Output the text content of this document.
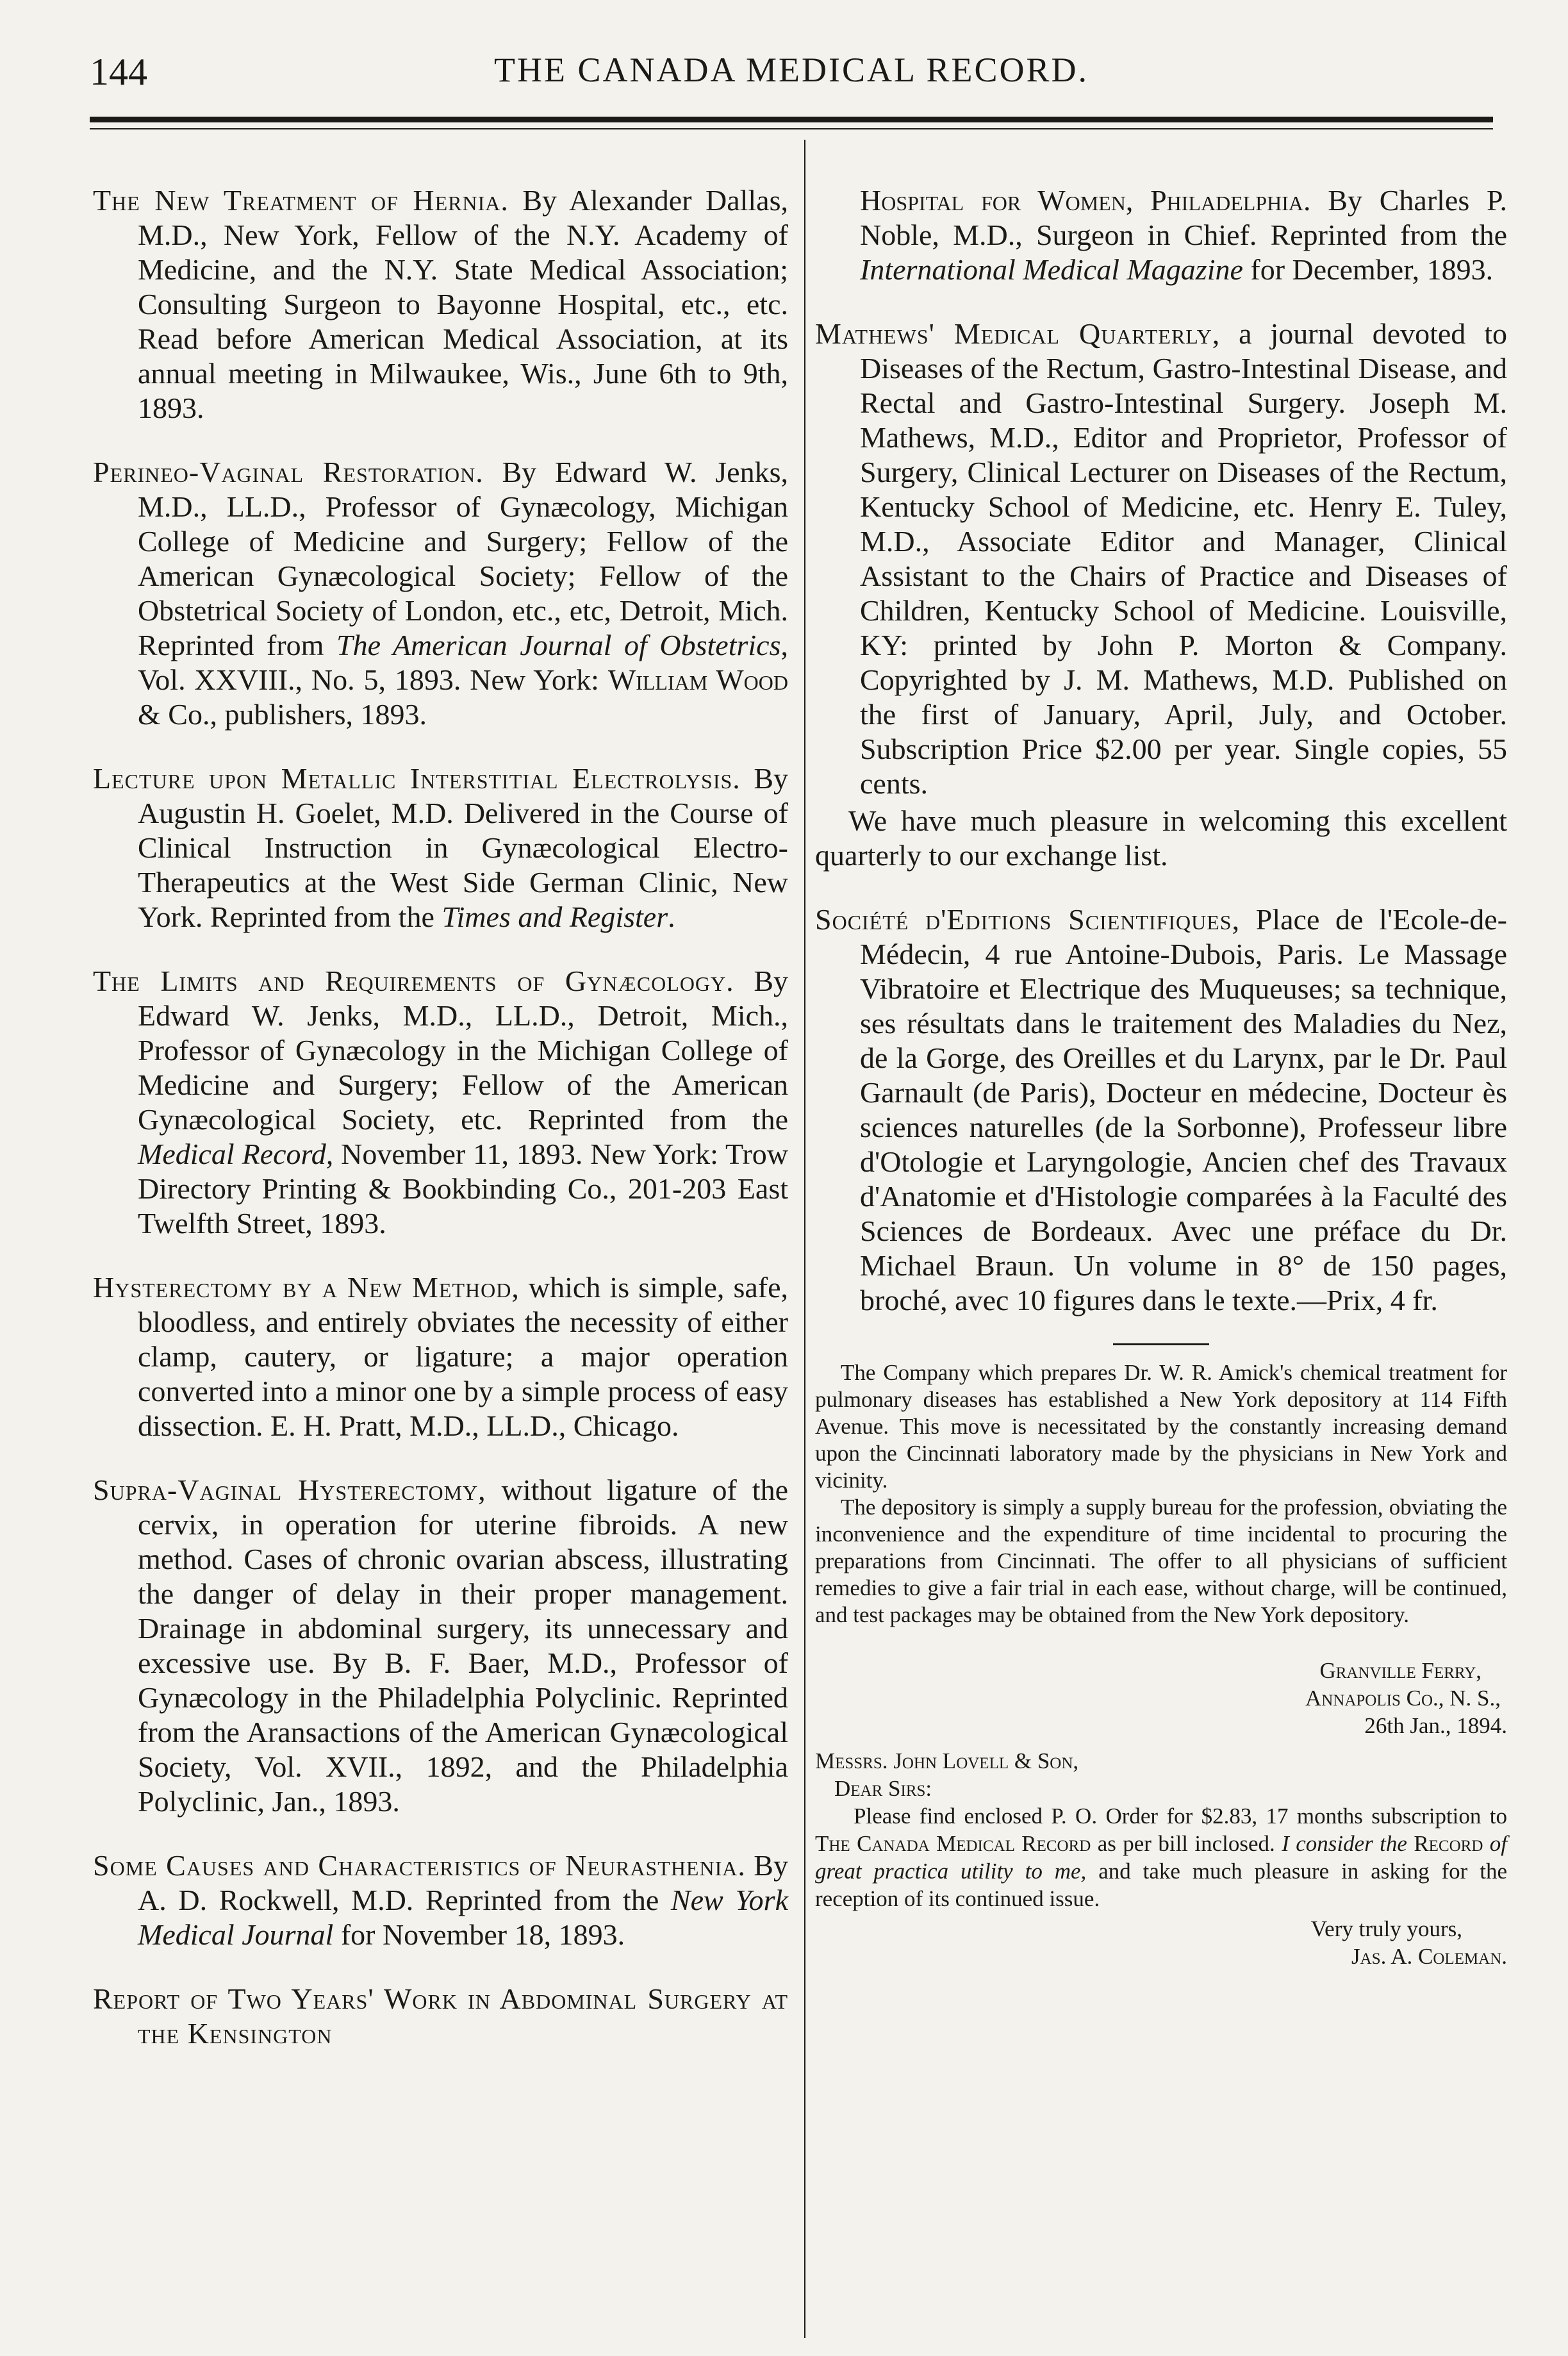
144	THE CANADA MEDICAL RECORD.

The New Treatment of Hernia. By Alexander Dallas, M.D., New York, Fellow of the N.Y. Academy of Medicine, and the N.Y. State Medical Association; Consulting Surgeon to Bayonne Hospital, etc., etc. Read before American Medical Association, at its annual meeting in Milwaukee, Wis., June 6th to 9th, 1893.

Perineo-Vaginal Restoration. By Edward W. Jenks, M.D., LL.D., Professor of Gynæcology, Michigan College of Medicine and Surgery; Fellow of the American Gynæcological Society; Fellow of the Obstetrical Society of London, etc., etc, Detroit, Mich. Reprinted from The American Journal of Obstetrics, Vol. XXVIII., No. 5, 1893. New York: William Wood & Co., publishers, 1893.

Lecture upon Metallic Interstitial Electrolysis. By Augustin H. Goelet, M.D. Delivered in the Course of Clinical Instruction in Gynæcological Electro-Therapeutics at the West Side German Clinic, New York. Reprinted from the Times and Register.

The Limits and Requirements of Gynæcology. By Edward W. Jenks, M.D., LL.D., Detroit, Mich., Professor of Gynæcology in the Michigan College of Medicine and Surgery; Fellow of the American Gynæcological Society, etc. Reprinted from the Medical Record, November 11, 1893. New York: Trow Directory Printing & Bookbinding Co., 201-203 East Twelfth Street, 1893.

Hysterectomy by a New Method, which is simple, safe, bloodless, and entirely obviates the necessity of either clamp, cautery, or ligature; a major operation converted into a minor one by a simple process of easy dissection. E. H. Pratt, M.D., LL.D., Chicago.

Supra-Vaginal Hysterectomy, without ligature of the cervix, in operation for uterine fibroids. A new method. Cases of chronic ovarian abscess, illustrating the danger of delay in their proper management. Drainage in abdominal surgery, its unnecessary and excessive use. By B. F. Baer, M.D., Professor of Gynæcology in the Philadelphia Polyclinic. Reprinted from the Aransactions of the American Gynæcological Society, Vol. XVII., 1892, and the Philadelphia Polyclinic, Jan., 1893.

Some Causes and Characteristics of Neurasthenia. By A. D. Rockwell, M.D. Reprinted from the New York Medical Journal for November 18, 1893.

Report of Two Years' Work in Abdominal Surgery at the Kensington

Hospital for Women, Philadelphia. By Charles P. Noble, M.D., Surgeon in Chief. Reprinted from the International Medical Magazine for December, 1893.

Mathews' Medical Quarterly, a journal devoted to Diseases of the Rectum, Gastro-Intestinal Disease, and Rectal and Gastro-Intestinal Surgery. Joseph M. Mathews, M.D., Editor and Proprietor, Professor of Surgery, Clinical Lecturer on Diseases of the Rectum, Kentucky School of Medicine, etc. Henry E. Tuley, M.D., Associate Editor and Manager, Clinical Assistant to the Chairs of Practice and Diseases of Children, Kentucky School of Medicine. Louisville, KY: printed by John P. Morton & Company. Copyrighted by J. M. Mathews, M.D. Published on the first of January, April, July, and October. Subscription Price $2.00 per year. Single copies, 55 cents.

We have much pleasure in welcoming this excellent quarterly to our exchange list.

Société d'Editions Scientifiques, Place de l'Ecole-de-Médecin, 4 rue Antoine-Dubois, Paris. Le Massage Vibratoire et Electrique des Muqueuses; sa technique, ses résultats dans le traitement des Maladies du Nez, de la Gorge, des Oreilles et du Larynx, par le Dr. Paul Garnault (de Paris), Docteur en médecine, Docteur ès sciences naturelles (de la Sorbonne), Professeur libre d'Otologie et Laryngologie, Ancien chef des Travaux d'Anatomie et d'Histologie comparées à la Faculté des Sciences de Bordeaux. Avec une préface du Dr. Michael Braun. Un volume in 8° de 150 pages, broché, avec 10 figures dans le texte.—Prix, 4 fr.

The Company which prepares Dr. W. R. Amick's chemical treatment for pulmonary diseases has established a New York depository at 114 Fifth Avenue. This move is necessitated by the constantly increasing demand upon the Cincinnati laboratory made by the physicians in New York and vicinity.

The depository is simply a supply bureau for the profession, obviating the inconvenience and the expenditure of time incidental to procuring the preparations from Cincinnati. The offer to all physicians of sufficient remedies to give a fair trial in each ease, without charge, will be continued, and test packages may be obtained from the New York depository.

Granville Ferry,
Annapolis Co., N. S.,
26th Jan., 1894.
Messrs. John Lovell & Son,
Dear Sirs:

Please find enclosed P. O. Order for $2.83, 17 months subscription to The Canada Medical Record as per bill inclosed. I consider the Record of great practica utility to me, and take much pleasure in asking for the reception of its continued issue.

Very truly yours,
Jas. A. Coleman.
